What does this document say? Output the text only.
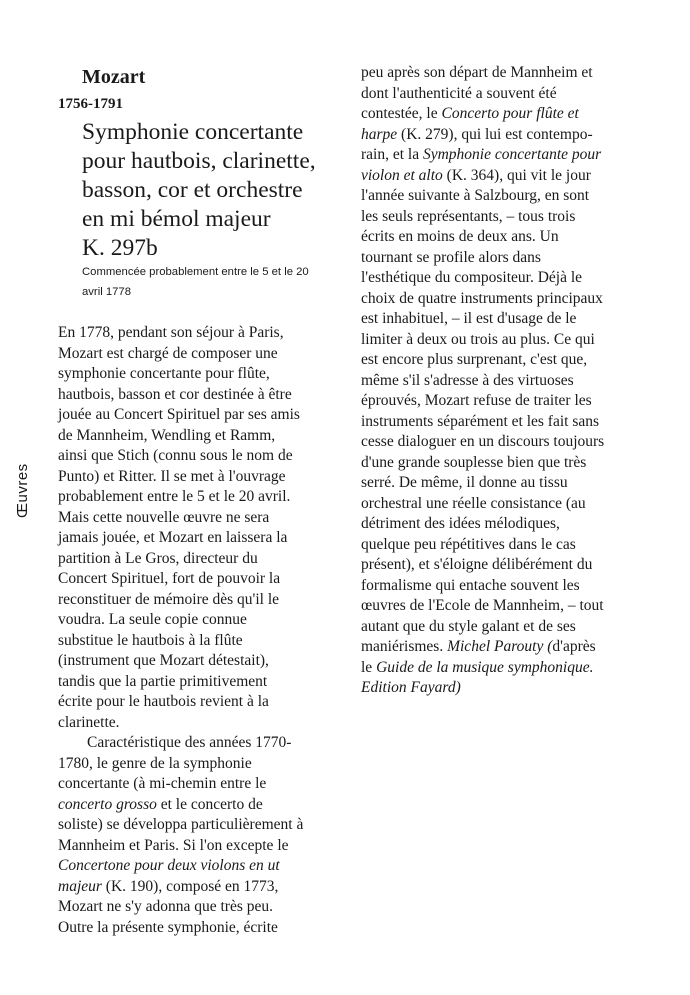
Œuvres
Mozart
1756-1791
Symphonie concertante
pour hautbois, clarinette,
basson, cor et orchestre
en mi bémol majeur
K. 297b
Commencée probablement entre le 5 et le 20
avril 1778
En 1778, pendant son séjour à Paris,
Mozart est chargé de composer une
symphonie concertante pour flûte,
hautbois, basson et cor destinée à être
jouée au Concert Spirituel par ses amis
de Mannheim, Wendling et Ramm,
ainsi que Stich (connu sous le nom de
Punto) et Ritter. Il se met à l'ouvrage
probablement entre le 5 et le 20 avril.
Mais cette nouvelle œuvre ne sera
jamais jouée, et Mozart en laissera la
partition à Le Gros, directeur du
Concert Spirituel, fort de pouvoir la
reconstituer de mémoire dès qu'il le
voudra. La seule copie connue
substitue le hautbois à la flûte
(instrument que Mozart détestait),
tandis que la partie primitivement
écrite pour le hautbois revient à la
clarinette.
Caractéristique des années 1770-
1780, le genre de la symphonie
concertante (à mi-chemin entre le
concerto grosso et le concerto de
soliste) se développa particulièrement à
Mannheim et Paris. Si l'on excepte le
Concertone pour deux violons en ut
majeur (K. 190), composé en 1773,
Mozart ne s'y adonna que très peu.
Outre la présente symphonie, écrite
peu après son départ de Mannheim et
dont l'authenticité a souvent été
contestée, le Concerto pour flûte et
harpe (K. 279), qui lui est contempo-
rain, et la Symphonie concertante pour
violon et alto (K. 364), qui vit le jour
l'année suivante à Salzbourg, en sont
les seuls représentants, – tous trois
écrits en moins de deux ans. Un
tournant se profile alors dans
l'esthétique du compositeur. Déjà le
choix de quatre instruments principaux
est inhabituel, – il est d'usage de le
limiter à deux ou trois au plus. Ce qui
est encore plus surprenant, c'est que,
même s'il s'adresse à des virtuoses
éprouvés, Mozart refuse de traiter les
instruments séparément et les fait sans
cesse dialoguer en un discours toujours
d'une grande souplesse bien que très
serré. De même, il donne au tissu
orchestral une réelle consistance (au
détriment des idées mélodiques,
quelque peu répétitives dans le cas
présent), et s'éloigne délibérément du
formalisme qui entache souvent les
œuvres de l'Ecole de Mannheim, – tout
autant que du style galant et de ses
maniérismes. Michel Parouty (d'après
le Guide de la musique symphonique.
Edition Fayard)
